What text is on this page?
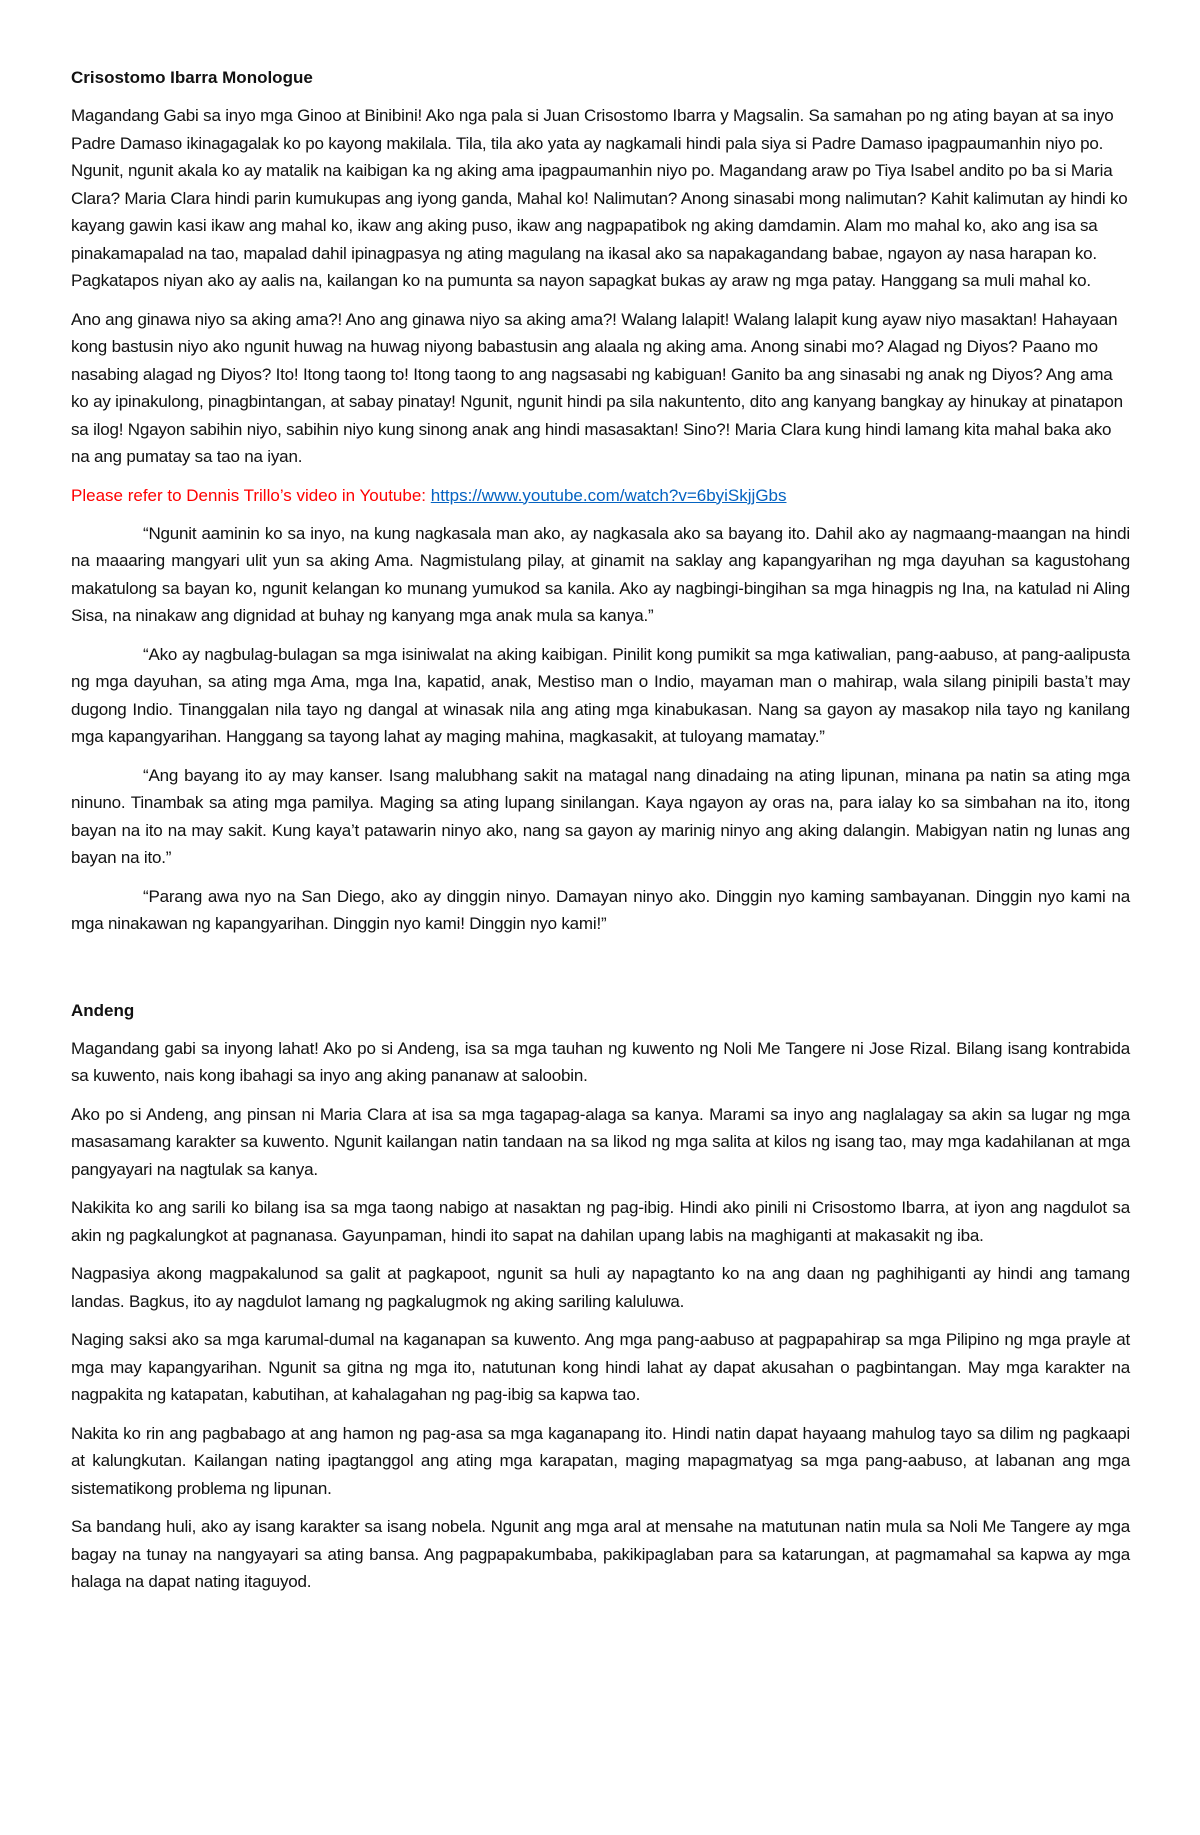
Crisostomo Ibarra Monologue

Magandang Gabi sa inyo mga Ginoo at Binibini! Ako nga pala si Juan Crisostomo Ibarra y Magsalin. Sa samahan po ng ating bayan at sa inyo Padre Damaso ikinagagalak ko po kayong makilala. Tila, tila ako yata ay nagkamali hindi pala siya si Padre Damaso ipagpaumanhin niyo po. Ngunit, ngunit akala ko ay matalik na kaibigan ka ng aking ama ipagpaumanhin niyo po. Magandang araw po Tiya Isabel andito po ba si Maria Clara? Maria Clara hindi parin kumukupas ang iyong ganda, Mahal ko! Nalimutan? Anong sinasabi mong nalimutan? Kahit kalimutan ay hindi ko kayang gawin kasi ikaw ang mahal ko, ikaw ang aking puso, ikaw ang nagpapatibok ng aking damdamin. Alam mo mahal ko, ako ang isa sa pinakamapalad na tao, mapalad dahil ipinagpasya ng ating magulang na ikasal ako sa napakagandang babae, ngayon ay nasa harapan ko. Pagkatapos niyan ako ay aalis na, kailangan ko na pumunta sa nayon sapagkat bukas ay araw ng mga patay. Hanggang sa muli mahal ko.

Ano ang ginawa niyo sa aking ama?! Ano ang ginawa niyo sa aking ama?! Walang lalapit! Walang lalapit kung ayaw niyo masaktan! Hahayaan kong bastusin niyo ako ngunit huwag na huwag niyong babastusin ang alaala ng aking ama. Anong sinabi mo? Alagad ng Diyos? Paano mo nasabing alagad ng Diyos? Ito! Itong taong to! Itong taong to ang nagsasabi ng kabiguan! Ganito ba ang sinasabi ng anak ng Diyos? Ang ama ko ay ipinakulong, pinagbintangan, at sabay pinatay! Ngunit, ngunit hindi pa sila nakuntento, dito ang kanyang bangkay ay hinukay at pinatapon sa ilog! Ngayon sabihin niyo, sabihin niyo kung sinong anak ang hindi masasaktan! Sino?! Maria Clara kung hindi lamang kita mahal baka ako na ang pumatay sa tao na iyan.

Please refer to Dennis Trillo’s video in Youtube: https://www.youtube.com/watch?v=6byiSkjjGbs

“Ngunit aaminin ko sa inyo, na kung nagkasala man ako, ay nagkasala ako sa bayang ito. Dahil ako ay nagmaang-maangan na hindi na maaaring mangyari ulit yun sa aking Ama. Nagmistulang pilay, at ginamit na saklay ang kapangyarihan ng mga dayuhan sa kagustohang makatulong sa bayan ko, ngunit kelangan ko munang yumukod sa kanila. Ako ay nagbingi-bingihan sa mga hinagpis ng Ina, na katulad ni Aling Sisa, na ninakaw ang dignidad at buhay ng kanyang mga anak mula sa kanya.”

“Ako ay nagbulag-bulagan sa mga isiniwalat na aking kaibigan. Pinilit kong pumikit sa mga katiwalian, pang-aabuso, at pang-aalipusta ng mga dayuhan, sa ating mga Ama, mga Ina, kapatid, anak, Mestiso man o Indio, mayaman man o mahirap, wala silang pinipili basta’t may dugong Indio. Tinanggalan nila tayo ng dangal at winasak nila ang ating mga kinabukasan. Nang sa gayon ay masakop nila tayo ng kanilang mga kapangyarihan. Hanggang sa tayong lahat ay maging mahina, magkasakit, at tuloyang mamatay.”

“Ang bayang ito ay may kanser. Isang malubhang sakit na matagal nang dinadaing na ating lipunan, minana pa natin sa ating mga ninuno. Tinambak sa ating mga pamilya. Maging sa ating lupang sinilangan. Kaya ngayon ay oras na, para ialay ko sa simbahan na ito, itong bayan na ito na may sakit. Kung kaya’t patawarin ninyo ako, nang sa gayon ay marinig ninyo ang aking dalangin. Mabigyan natin ng lunas ang bayan na ito.”

“Parang awa nyo na San Diego, ako ay dinggin ninyo. Damayan ninyo ako. Dinggin nyo kaming sambayanan. Dinggin nyo kami na mga ninakawan ng kapangyarihan. Dinggin nyo kami! Dinggin nyo kami!”

Andeng

Magandang gabi sa inyong lahat! Ako po si Andeng, isa sa mga tauhan ng kuwento ng Noli Me Tangere ni Jose Rizal. Bilang isang kontrabida sa kuwento, nais kong ibahagi sa inyo ang aking pananaw at saloobin.

Ako po si Andeng, ang pinsan ni Maria Clara at isa sa mga tagapag-alaga sa kanya. Marami sa inyo ang naglalagay sa akin sa lugar ng mga masasamang karakter sa kuwento. Ngunit kailangan natin tandaan na sa likod ng mga salita at kilos ng isang tao, may mga kadahilanan at mga pangyayari na nagtulak sa kanya.

Nakikita ko ang sarili ko bilang isa sa mga taong nabigo at nasaktan ng pag-ibig. Hindi ako pinili ni Crisostomo Ibarra, at iyon ang nagdulot sa akin ng pagkalungkot at pagnanasa. Gayunpaman, hindi ito sapat na dahilan upang labis na maghiganti at makasakit ng iba.

Nagpasiya akong magpakalunod sa galit at pagkapoot, ngunit sa huli ay napagtanto ko na ang daan ng paghihiganti ay hindi ang tamang landas. Bagkus, ito ay nagdulot lamang ng pagkalugmok ng aking sariling kaluluwa.

Naging saksi ako sa mga karumal-dumal na kaganapan sa kuwento. Ang mga pang-aabuso at pagpapahirap sa mga Pilipino ng mga prayle at mga may kapangyarihan. Ngunit sa gitna ng mga ito, natutunan kong hindi lahat ay dapat akusahan o pagbintangan. May mga karakter na nagpakita ng katapatan, kabutihan, at kahalagahan ng pag-ibig sa kapwa tao.

Nakita ko rin ang pagbabago at ang hamon ng pag-asa sa mga kaganapang ito. Hindi natin dapat hayaang mahulog tayo sa dilim ng pagkaapi at kalungkutan. Kailangan nating ipagtanggol ang ating mga karapatan, maging mapagmatyag sa mga pang-aabuso, at labanan ang mga sistematikong problema ng lipunan.

Sa bandang huli, ako ay isang karakter sa isang nobela. Ngunit ang mga aral at mensahe na matutunan natin mula sa Noli Me Tangere ay mga bagay na tunay na nangyayari sa ating bansa. Ang pagpapakumbaba, pakikipaglaban para sa katarungan, at pagmamahal sa kapwa ay mga halaga na dapat nating itaguyod.
